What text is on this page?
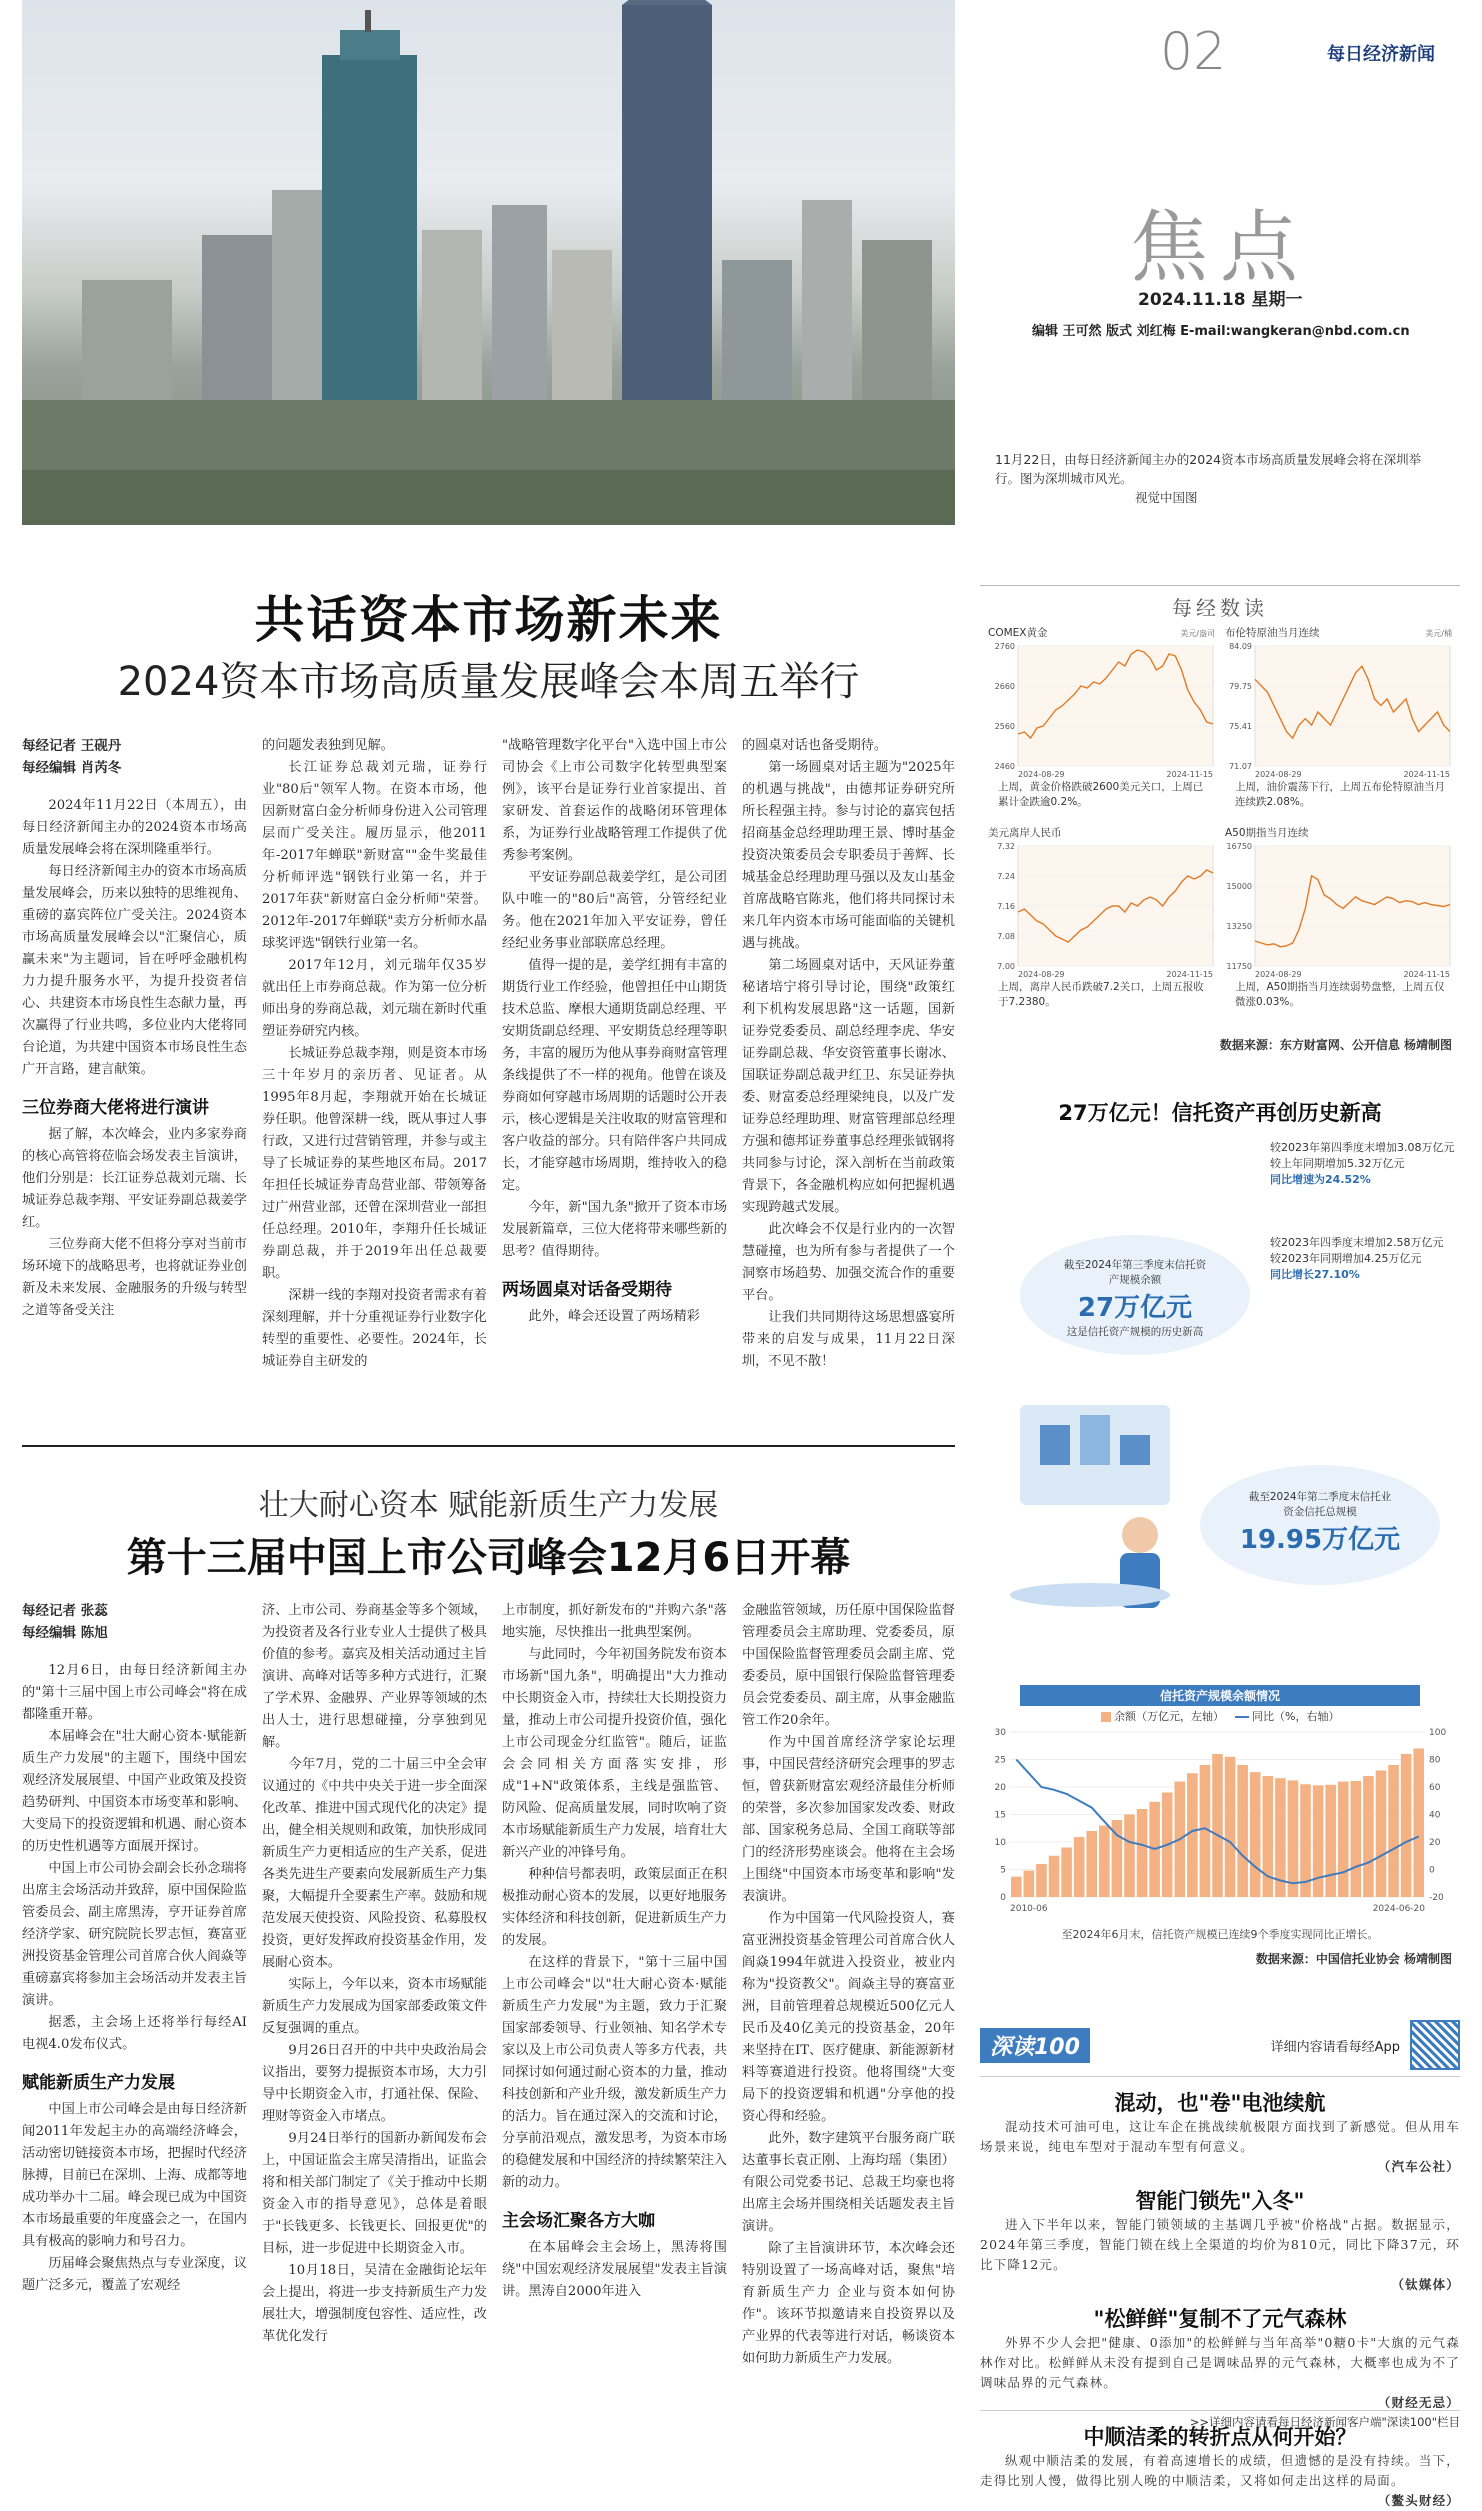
02	每日经济新闻
焦点
2024.11.18 星期一
编辑 王可然 版式 刘红梅 E-mail:wangkeran@nbd.com.cn
11月22日，由每日经济新闻主办的2024资本市场高质量发展峰会将在深圳举行。图为深圳城市风光。
视觉中国图
共话资本市场新未来
2024资本市场高质量发展峰会本周五举行

每经记者 王砚丹

每经编辑 肖芮冬

2024年11月22日（本周五），由每日经济新闻主办的2024资本市场高质量发展峰会将在深圳隆重举行。

每日经济新闻主办的资本市场高质量发展峰会，历来以独特的思维视角、重磅的嘉宾阵位广受关注。2024资本市场高质量发展峰会以"汇聚信心，质赢未来"为主题词，旨在呼呼金融机构力力提升服务水平，为提升投资者信心、共建资本市场良性生态献力量，再次赢得了行业共鸣，多位业内大佬将同台论道，为共建中国资本市场良性生态广开言路，建言献策。

三位券商大佬将进行演讲

据了解，本次峰会，业内多家券商的核心高管将莅临会场发表主旨演讲，他们分别是：长江证券总裁刘元瑞、长城证券总裁李翔、平安证券副总裁姜学红。

三位券商大佬不但将分享对当前市场环境下的战略思考，也将就证券业创新及未来发展、金融服务的升级与转型之道等备受关注

的问题发表独到见解。

长江证券总裁刘元瑞，证券行业"80后"领军人物。在资本市场，他因新财富白金分析师身份进入公司管理层而广受关注。履历显示，他2011年-2017年蝉联"新财富""金牛奖最佳分析师评选"钢铁行业第一名，并于2017年获"新财富白金分析师"荣誉。2012年-2017年蝉联"卖方分析师水晶球奖评选"钢铁行业第一名。

2017年12月，刘元瑞年仅35岁就出任上市券商总裁。作为第一位分析师出身的券商总裁，刘元瑞在新时代重塑证券研究内核。

长城证券总裁李翔，则是资本市场三十年岁月的亲历者、见证者。从1995年8月起，李翔就开始在长城证券任职。他曾深耕一线，既从事过人事行政，又进行过营销管理，并参与或主导了长城证券的某些地区布局。2017年担任长城证券青岛营业部、带领筹备过广州营业部，还曾在深圳营业一部担任总经理。2010年，李翔升任长城证券副总裁，并于2019年出任总裁要职。

深耕一线的李翔对投资者需求有着深刻理解，并十分重视证券行业数字化转型的重要性、必要性。2024年，长城证券自主研发的

"战略管理数字化平台"入选中国上市公司协会《上市公司数字化转型典型案例》，该平台是证券行业首家提出、首家研发、首套运作的战略闭环管理体系，为证券行业战略管理工作提供了优秀参考案例。

平安证券副总裁姜学红，是公司团队中唯一的"80后"高管，分管经纪业务。他在2021年加入平安证券，曾任经纪业务事业部联席总经理。

值得一提的是，姜学红拥有丰富的期货行业工作经验，他曾担任中山期货技术总监、摩根大通期货副总经理、平安期货副总经理、平安期货总经理等职务，丰富的履历为他从事券商财富管理条线提供了不一样的视角。他曾在谈及券商如何穿越市场周期的话题时公开表示，核心逻辑是关注收取的财富管理和客户收益的部分。只有陪伴客户共同成长，才能穿越市场周期，维持收入的稳定。

今年，新"国九条"掀开了资本市场发展新篇章，三位大佬将带来哪些新的思考？值得期待。

两场圆桌对话备受期待

此外，峰会还设置了两场精彩

的圆桌对话也备受期待。

第一场圆桌对话主题为"2025年的机遇与挑战"，由德邦证券研究所所长程强主持。参与讨论的嘉宾包括招商基金总经理助理王景、博时基金投资决策委员会专职委员于善辉、长城基金总经理助理马强以及友山基金首席战略官陈兆，他们将共同探讨未来几年内资本市场可能面临的关键机遇与挑战。

第二场圆桌对话中，天风证券董秘诸培宁将引导讨论，围绕"政策红利下机构发展思路"这一话题，国新证券党委委员、副总经理李虎、华安证券副总裁、华安资管董事长谢冰、国联证券副总裁尹红卫、东吴证券执委、财富委总经理梁纯良，以及广发证券总经理助理、财富管理部总经理方强和德邦证券董事总经理张钺钢将共同参与讨论，深入剖析在当前政策背景下，各金融机构应如何把握机遇实现跨越式发展。

此次峰会不仅是行业内的一次智慧碰撞，也为所有参与者提供了一个洞察市场趋势、加强交流合作的重要平台。

让我们共同期待这场思想盛宴所带来的启发与成果，11月22日深圳，不见不散！

壮大耐心资本 赋能新质生产力发展
第十三届中国上市公司峰会12月6日开幕

每经记者 张蕊

每经编辑 陈旭

12月6日，由每日经济新闻主办的"第十三届中国上市公司峰会"将在成都隆重开幕。

本届峰会在"壮大耐心资本·赋能新质生产力发展"的主题下，围绕中国宏观经济发展展望、中国产业政策及投资趋势研判、中国资本市场变革和影响、大变局下的投资逻辑和机遇、耐心资本的历史性机遇等方面展开探讨。

中国上市公司协会副会长孙念瑞将出席主会场活动并致辞，原中国保险监管委员会、副主席黑涛，亨开证券首席经济学家、研究院院长罗志恒，赛富亚洲投资基金管理公司首席合伙人阎焱等重磅嘉宾将参加主会场活动并发表主旨演讲。

据悉，主会场上还将举行每经AI电视4.0发布仪式。

赋能新质生产力发展

中国上市公司峰会是由每日经济新闻2011年发起主办的高端经济峰会，活动密切链接资本市场，把握时代经济脉搏，目前已在深圳、上海、成都等地成功举办十二届。峰会现已成为中国资本市场最重要的年度盛会之一，在国内具有极高的影响力和号召力。

历届峰会聚焦热点与专业深度，议题广泛多元，覆盖了宏观经

济、上市公司、券商基金等多个领域，为投资者及各行业专业人士提供了极具价值的参考。嘉宾及相关活动通过主旨演讲、高峰对话等多种方式进行，汇聚了学术界、金融界、产业界等领域的杰出人士，进行思想碰撞，分享独到见解。

今年7月，党的二十届三中全会审议通过的《中共中央关于进一步全面深化改革、推进中国式现代化的决定》提出，健全相关规则和政策，加快形成同新质生产力更相适应的生产关系，促进各类先进生产要素向发展新质生产力集聚，大幅提升全要素生产率。鼓励和规范发展天使投资、风险投资、私募股权投资，更好发挥政府投资基金作用，发展耐心资本。

实际上，今年以来，资本市场赋能新质生产力发展成为国家部委政策文件反复强调的重点。

9月26日召开的中共中央政治局会议指出，要努力提振资本市场，大力引导中长期资金入市，打通社保、保险、理财等资金入市堵点。

9月24日举行的国新办新闻发布会上，中国证监会主席吴清指出，证监会将和相关部门制定了《关于推动中长期资金入市的指导意见》，总体是着眼于"长钱更多、长钱更长、回报更优"的目标，进一步促进中长期资金入市。

10月18日，吴清在金融街论坛年会上提出，将进一步支持新质生产力发展壮大，增强制度包容性、适应性，改革优化发行

上市制度，抓好新发布的"并购六条"落地实施，尽快推出一批典型案例。

与此同时，今年初国务院发布资本市场新"国九条"，明确提出"大力推动中长期资金入市，持续壮大长期投资力量，推动上市公司提升投资价值，强化上市公司现金分红监管"。随后，证监会会同相关方面落实安排，形成"1+N"政策体系，主线是强监管、防风险、促高质量发展，同时吹响了资本市场赋能新质生产力发展，培育壮大新兴产业的冲锋号角。

种种信号都表明，政策层面正在积极推动耐心资本的发展，以更好地服务实体经济和科技创新，促进新质生产力的发展。

在这样的背景下，"第十三届中国上市公司峰会"以"壮大耐心资本·赋能新质生产力发展"为主题，致力于汇聚国家部委领导、行业领袖、知名学术专家以及上市公司负责人等多方代表，共同探讨如何通过耐心资本的力量，推动科技创新和产业升级，激发新质生产力的活力。旨在通过深入的交流和讨论，分享前沿观点，激发思考，为资本市场的稳健发展和中国经济的持续繁荣注入新的动力。

主会场汇聚各方大咖

在本届峰会主会场上，黑涛将围绕"中国宏观经济发展展望"发表主旨演讲。黑涛自2000年进入

金融监管领域，历任原中国保险监督管理委员会主席助理、党委委员，原中国保险监督管理委员会副主席、党委委员，原中国银行保险监督管理委员会党委委员、副主席，从事金融监管工作20余年。

作为中国首席经济学家论坛理事，中国民营经济研究会理事的罗志恒，曾获新财富宏观经济最佳分析师的荣誉，多次参加国家发改委、财政部、国家税务总局、全国工商联等部门的经济形势座谈会。他将在主会场上围绕"中国资本市场变革和影响"发表演讲。

作为中国第一代风险投资人，赛富亚洲投资基金管理公司首席合伙人阎焱1994年就进入投资业，被业内称为"投资教父"。阎焱主导的赛富亚洲，目前管理着总规模近500亿元人民币及40亿美元的投资基金，20年来坚持在IT、医疗健康、新能源新材料等赛道进行投资。他将围绕"大变局下的投资逻辑和机遇"分享他的投资心得和经验。

此外，数字建筑平台服务商广联达董事长袁正刚、上海均瑶（集团）有限公司党委书记、总裁王均豪也将出席主会场并围绕相关话题发表主旨演讲。

除了主旨演讲环节，本次峰会还特别设置了一场高峰对话，聚焦"培育新质生产力 企业与资本如何协作"。该环节拟邀请来自投资界以及产业界的代表等进行对话，畅谈资本如何助力新质生产力发展。

每经数读
COMEX黄金	美元/盎司
2760
2660
2560
2460
2024-08-29	2024-11-15
上周，黄金价格跌破2600美元关口，上周已累计金跌逾0.2%。
布伦特原油当月连续	美元/桶
84.09
79.75
75.41
71.07
2024-08-29	2024-11-15
上周，油价震荡下行，上周五布伦特原油当月连续跌2.08%。
美元离岸人民币
7.32
7.24
7.16
7.08
7.00
2024-08-29	2024-11-15
上周，离岸人民币跌破7.2关口，上周五报收于7.2380。
A50期指当月连续
16750
15000
13250
11750
2024-08-29	2024-11-15
上周，A50期指当月连续弱势盘整，上周五仅微涨0.03%。
数据来源：东方财富网、公开信息 杨靖制图
27万亿元！信托资产再创历史新高
截至2024年第三季度末信托资产规模余额
27万亿元
这是信托资产规模的历史新高
较2023年第四季度末增加3.08万亿元
较上年同期增加5.32万亿元
同比增速为24.52%
较2023年四季度末增加2.58万亿元
较2023年同期增加4.25万亿元
同比增长27.10%
截至2024年第二季度末信托业资金信托总规模
19.95万亿元
信托资产规模余额情况
余额（万亿元，左轴）	同比（%，右轴）
0
5
10
15
20
25
30
-20
0
20
40
60
80
100
2010-06	2024-06-20
至2024年6月末，信托资产规模已连续9个季度实现同比正增长。
数据来源：中国信托业协会 杨靖制图
深读100	详细内容请看每经App
混动，也"卷"电池续航

混动技术可油可电，这让车企在挑战续航极限方面找到了新感觉。但从用车场景来说，纯电车型对于混动车型有何意义。
（汽车公社）

智能门锁先"入冬"

进入下半年以来，智能门锁领域的主基调几乎被"价格战"占据。数据显示，2024年第三季度，智能门锁在线上全渠道的均价为810元，同比下降37元，环比下降12元。
（钛媒体）

"松鲜鲜"复制不了元气森林

外界不少人会把"健康、0添加"的松鲜鲜与当年高举"0糖0卡"大旗的元气森林作对比。松鲜鲜从未没有提到自己是调味品界的元气森林，大概率也成为不了调味品界的元气森林。
（财经无忌）

中顺洁柔的转折点从何开始？

纵观中顺洁柔的发展，有着高速增长的成绩，但遗憾的是没有持续。当下，走得比别人慢，做得比别人晚的中顺洁柔，又将如何走出这样的局面。
（鳌头财经）

>>详细内容请看每日经济新闻客户端"深读100"栏目
